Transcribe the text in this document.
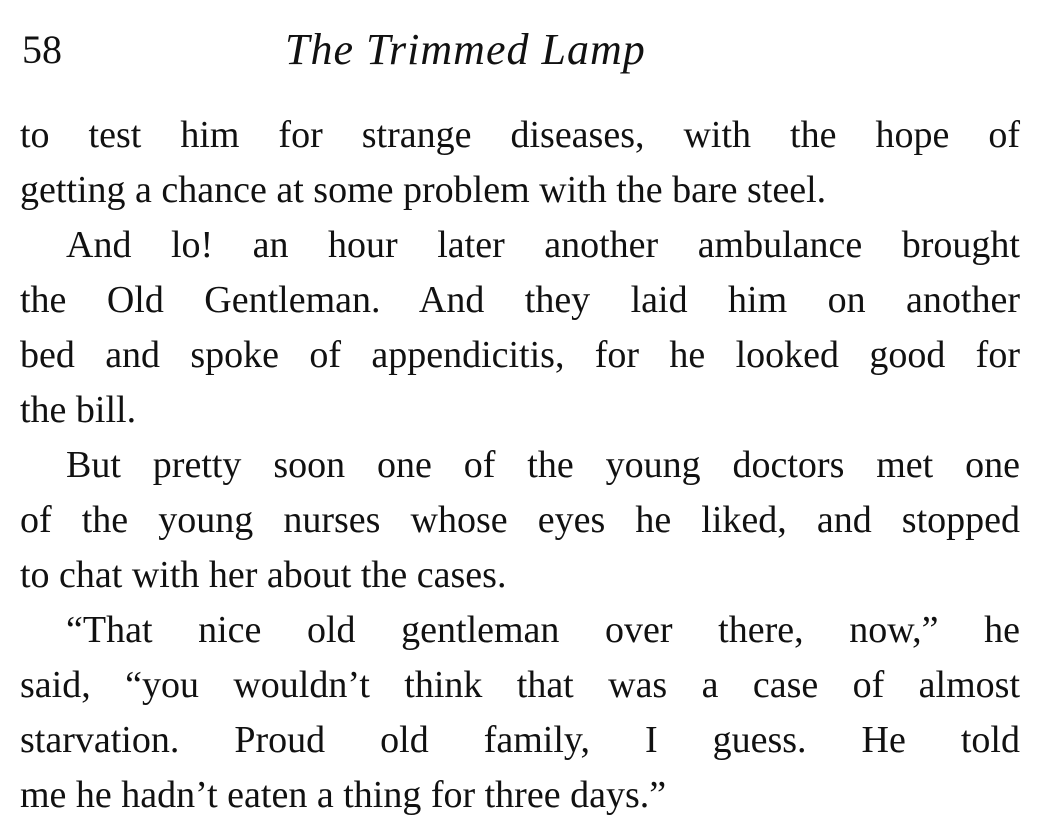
58	The Trimmed Lamp
to test him for strange diseases, with the hope of
getting a chance at some problem with the bare steel.
And lo! an hour later another ambulance brought
the Old Gentleman. And they laid him on another
bed and spoke of appendicitis, for he looked good for
the bill.
But pretty soon one of the young doctors met one
of the young nurses whose eyes he liked, and stopped
to chat with her about the cases.
“That nice old gentleman over there, now,” he
said, “you wouldn’t think that was a case of almost
starvation. Proud old family, I guess. He told
me he hadn’t eaten a thing for three days.”
